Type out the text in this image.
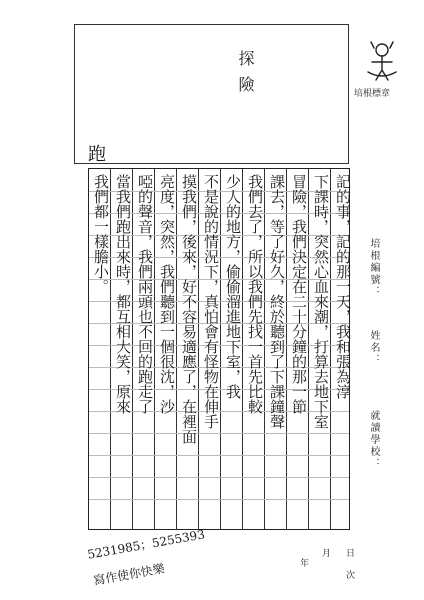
探險
跑
培根標章
記的事，記的那一天，我和張為淳
下課時，突然心血來潮，打算去地下室
冒險，我們決定在二十分鐘的那一節
課去，等了好久，終於聽到了下課鐘聲
我們去了，所以我們先找一首先比較
少人的地方，偷偷溜進地下室，我
不是說的情況下，真怕會有怪物在伸手
摸我們，後來，好不容易適應了，在裡面
亮度，突然，我們聽到一個很沈，沙
啞的聲音，我們兩頭也不回的跑走了
當我們跑出來時，都互相大笑，原來
我們都一樣膽小。	培根編號：
姓名：
就讀學校：
年
月 日
次
5231985；5255393
寫作使你快樂
